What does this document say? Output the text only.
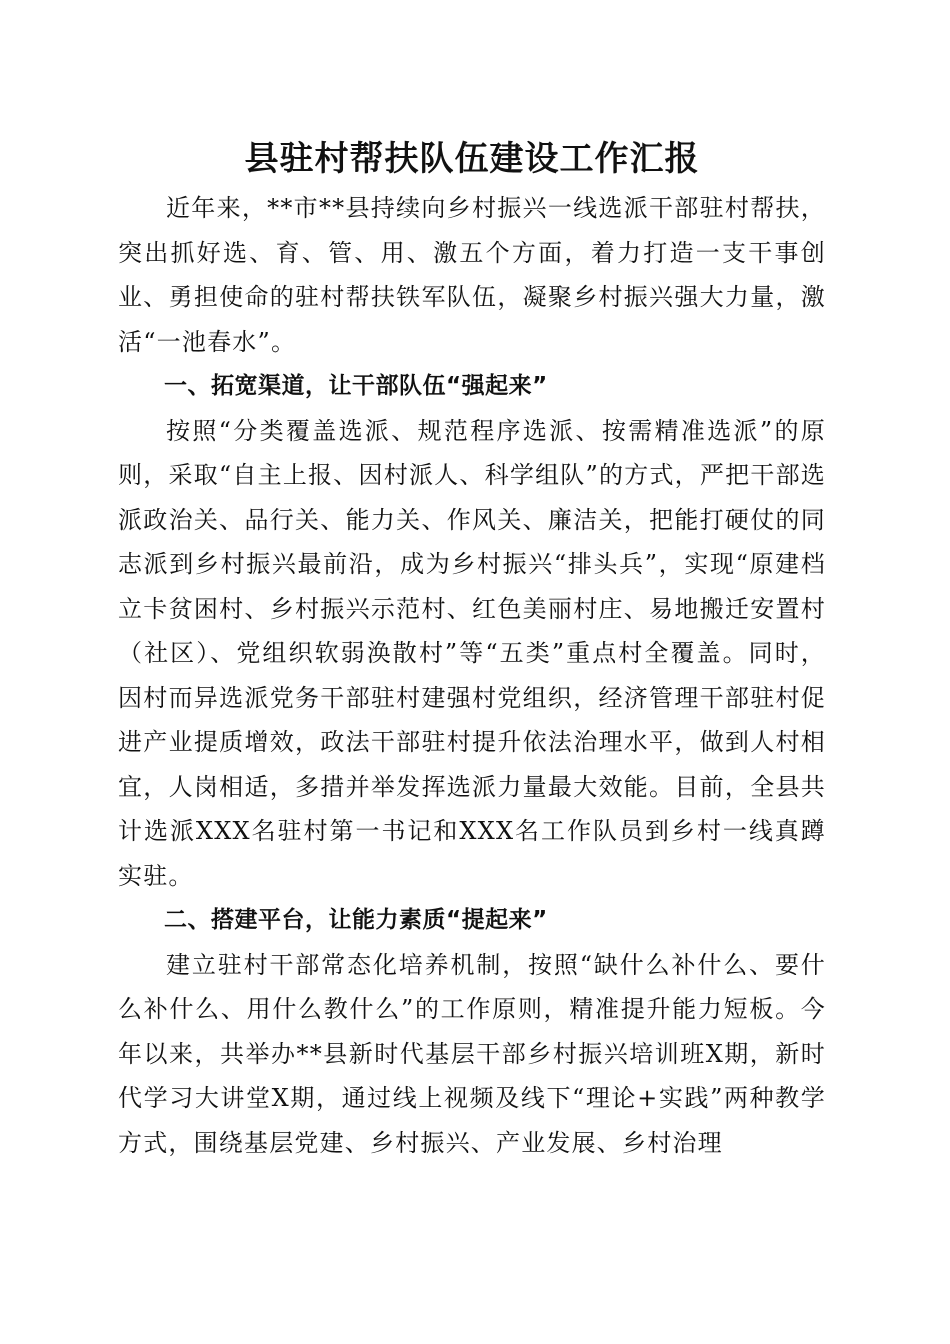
县驻村帮扶队伍建设工作汇报

近年来，**市**县持续向乡村振兴一线选派干部驻村帮扶，突出抓好选、育、管、用、激五个方面，着力打造一支干事创业、勇担使命的驻村帮扶铁军队伍，凝聚乡村振兴强大力量，激活“一池春水”。

一、拓宽渠道，让干部队伍“强起来”

按照“分类覆盖选派、规范程序选派、按需精准选派”的原则，采取“自主上报、因村派人、科学组队”的方式，严把干部选派政治关、品行关、能力关、作风关、廉洁关，把能打硬仗的同志派到乡村振兴最前沿，成为乡村振兴“排头兵”，实现“原建档立卡贫困村、乡村振兴示范村、红色美丽村庄、易地搬迁安置村（社区）、党组织软弱涣散村”等“五类”重点村全覆盖。同时，因村而异选派党务干部驻村建强村党组织，经济管理干部驻村促进产业提质增效，政法干部驻村提升依法治理水平，做到人村相宜，人岗相适，多措并举发挥选派力量最大效能。目前，全县共计选派XXX名驻村第一书记和XXX名工作队员到乡村一线真蹲实驻。

二、搭建平台，让能力素质“提起来”

建立驻村干部常态化培养机制，按照“缺什么补什么、要什么补什么、用什么教什么”的工作原则，精准提升能力短板。今年以来，共举办**县新时代基层干部乡村振兴培训班X期，新时代学习大讲堂X期，通过线上视频及线下“理论+实践”两种教学方式，围绕基层党建、乡村振兴、产业发展、乡村治理
